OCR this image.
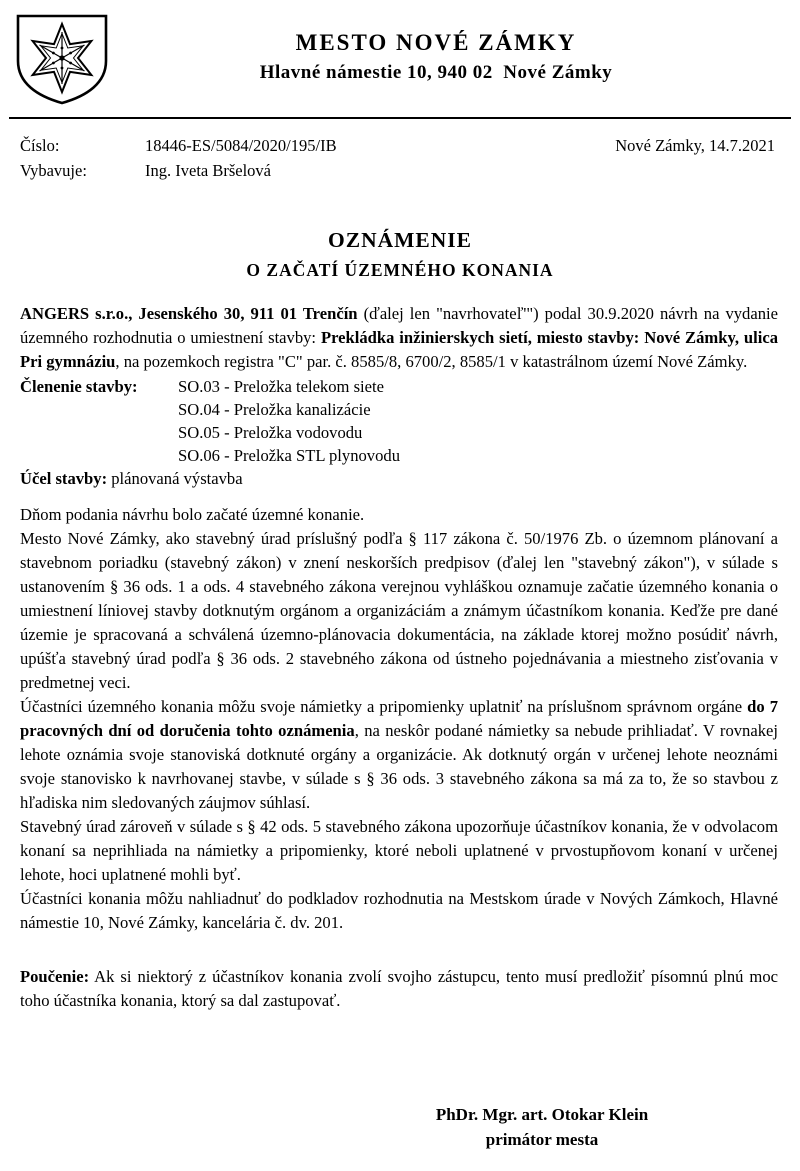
MESTO NOVÉ ZÁMKY
Hlavné námestie 10, 940 02  Nové Zámky
Číslo:	18446-ES/5084/2020/195/IB
Vybavuje:	Ing. Iveta Bršelová
Nové Zámky, 14.7.2021
OZNÁMENIE
O ZAČATÍ ÚZEMNÉHO KONANIA

ANGERS s.r.o., Jesenského 30, 911 01 Trenčín (ďalej len "navrhovateľ'") podal 30.9.2020 návrh na vydanie územného rozhodnutia o umiestnení stavby: Prekládka inžinierskych sietí, miesto stavby: Nové Zámky, ulica Pri gymnáziu, na pozemkoch registra "C" par. č. 8585/8, 6700/2, 8585/1 v katastrálnom území Nové Zámky.

Členenie stavby:	SO.03 - Preložka telekom siete
SO.04 - Preložka kanalizácie
SO.05 - Preložka vodovodu
SO.06 - Preložka STL plynovodu

Účel stavby: plánovaná výstavba

Dňom podania návrhu bolo začaté územné konanie.

Mesto Nové Zámky, ako stavebný úrad príslušný podľa § 117 zákona č. 50/1976 Zb. o územnom plánovaní a stavebnom poriadku (stavebný zákon) v znení neskorších predpisov (ďalej len "stavebný zákon"), v súlade s ustanovením § 36 ods. 1 a ods. 4 stavebného zákona verejnou vyhláškou oznamuje začatie územného konania o umiestnení líniovej stavby dotknutým orgánom a organizáciám a známym účastníkom konania. Keďže pre dané územie je spracovaná a schválená územno-plánovacia dokumentácia, na základe ktorej možno posúdiť návrh, upúšťa stavebný úrad podľa § 36 ods. 2 stavebného zákona od ústneho pojednávania a miestneho zisťovania v predmetnej veci.

Účastníci územného konania môžu svoje námietky a pripomienky uplatniť na príslušnom správnom orgáne do 7 pracovných dní od doručenia tohto oznámenia, na neskôr podané námietky sa nebude prihliadať. V rovnakej lehote oznámia svoje stanoviská dotknuté orgány a organizácie. Ak dotknutý orgán v určenej lehote neoznámi svoje stanovisko k navrhovanej stavbe, v súlade s § 36 ods. 3 stavebného zákona sa má za to, že so stavbou z hľadiska nim sledovaných záujmov súhlasí.

Stavebný úrad zároveň v súlade s § 42 ods. 5 stavebného zákona upozorňuje účastníkov konania, že v odvolacom konaní sa neprihliada na námietky a pripomienky, ktoré neboli uplatnené v prvostupňovom konaní v určenej lehote, hoci uplatnené mohli byť.

Účastníci konania môžu nahliadnuť do podkladov rozhodnutia na Mestskom úrade v Nových Zámkoch, Hlavné námestie 10, Nové Zámky, kancelária č. dv. 201.

Poučenie: Ak si niektorý z účastníkov konania zvolí svojho zástupcu, tento musí predložiť písomnú plnú moc toho účastníka konania, ktorý sa dal zastupovať.

PhDr. Mgr. art. Otokar Klein
primátor mesta
